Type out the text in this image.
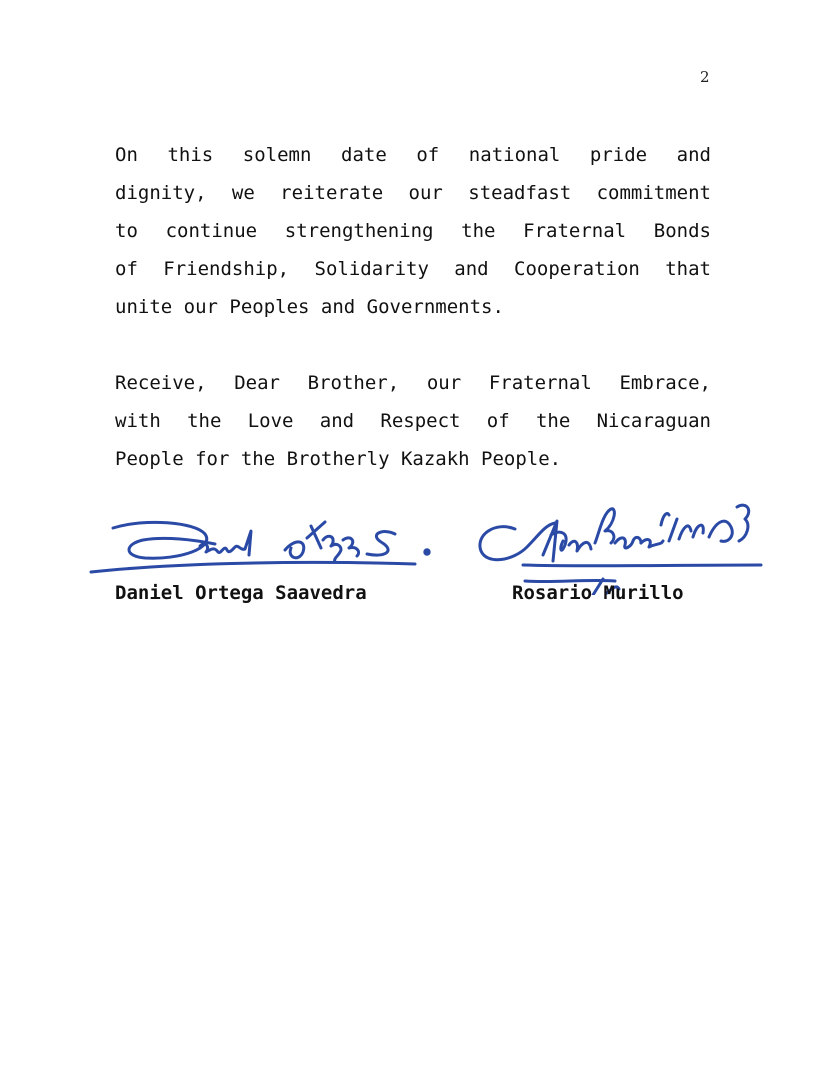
2
On this solemn date of national pride and
dignity, we reiterate our steadfast commitment
to continue strengthening the Fraternal Bonds
of Friendship, Solidarity and Cooperation that
unite our Peoples and Governments.
Receive, Dear Brother, our Fraternal Embrace,
with the Love and Respect of the Nicaraguan
People for the Brotherly Kazakh People.
Daniel Ortega Saavedra	Rosario Murillo
